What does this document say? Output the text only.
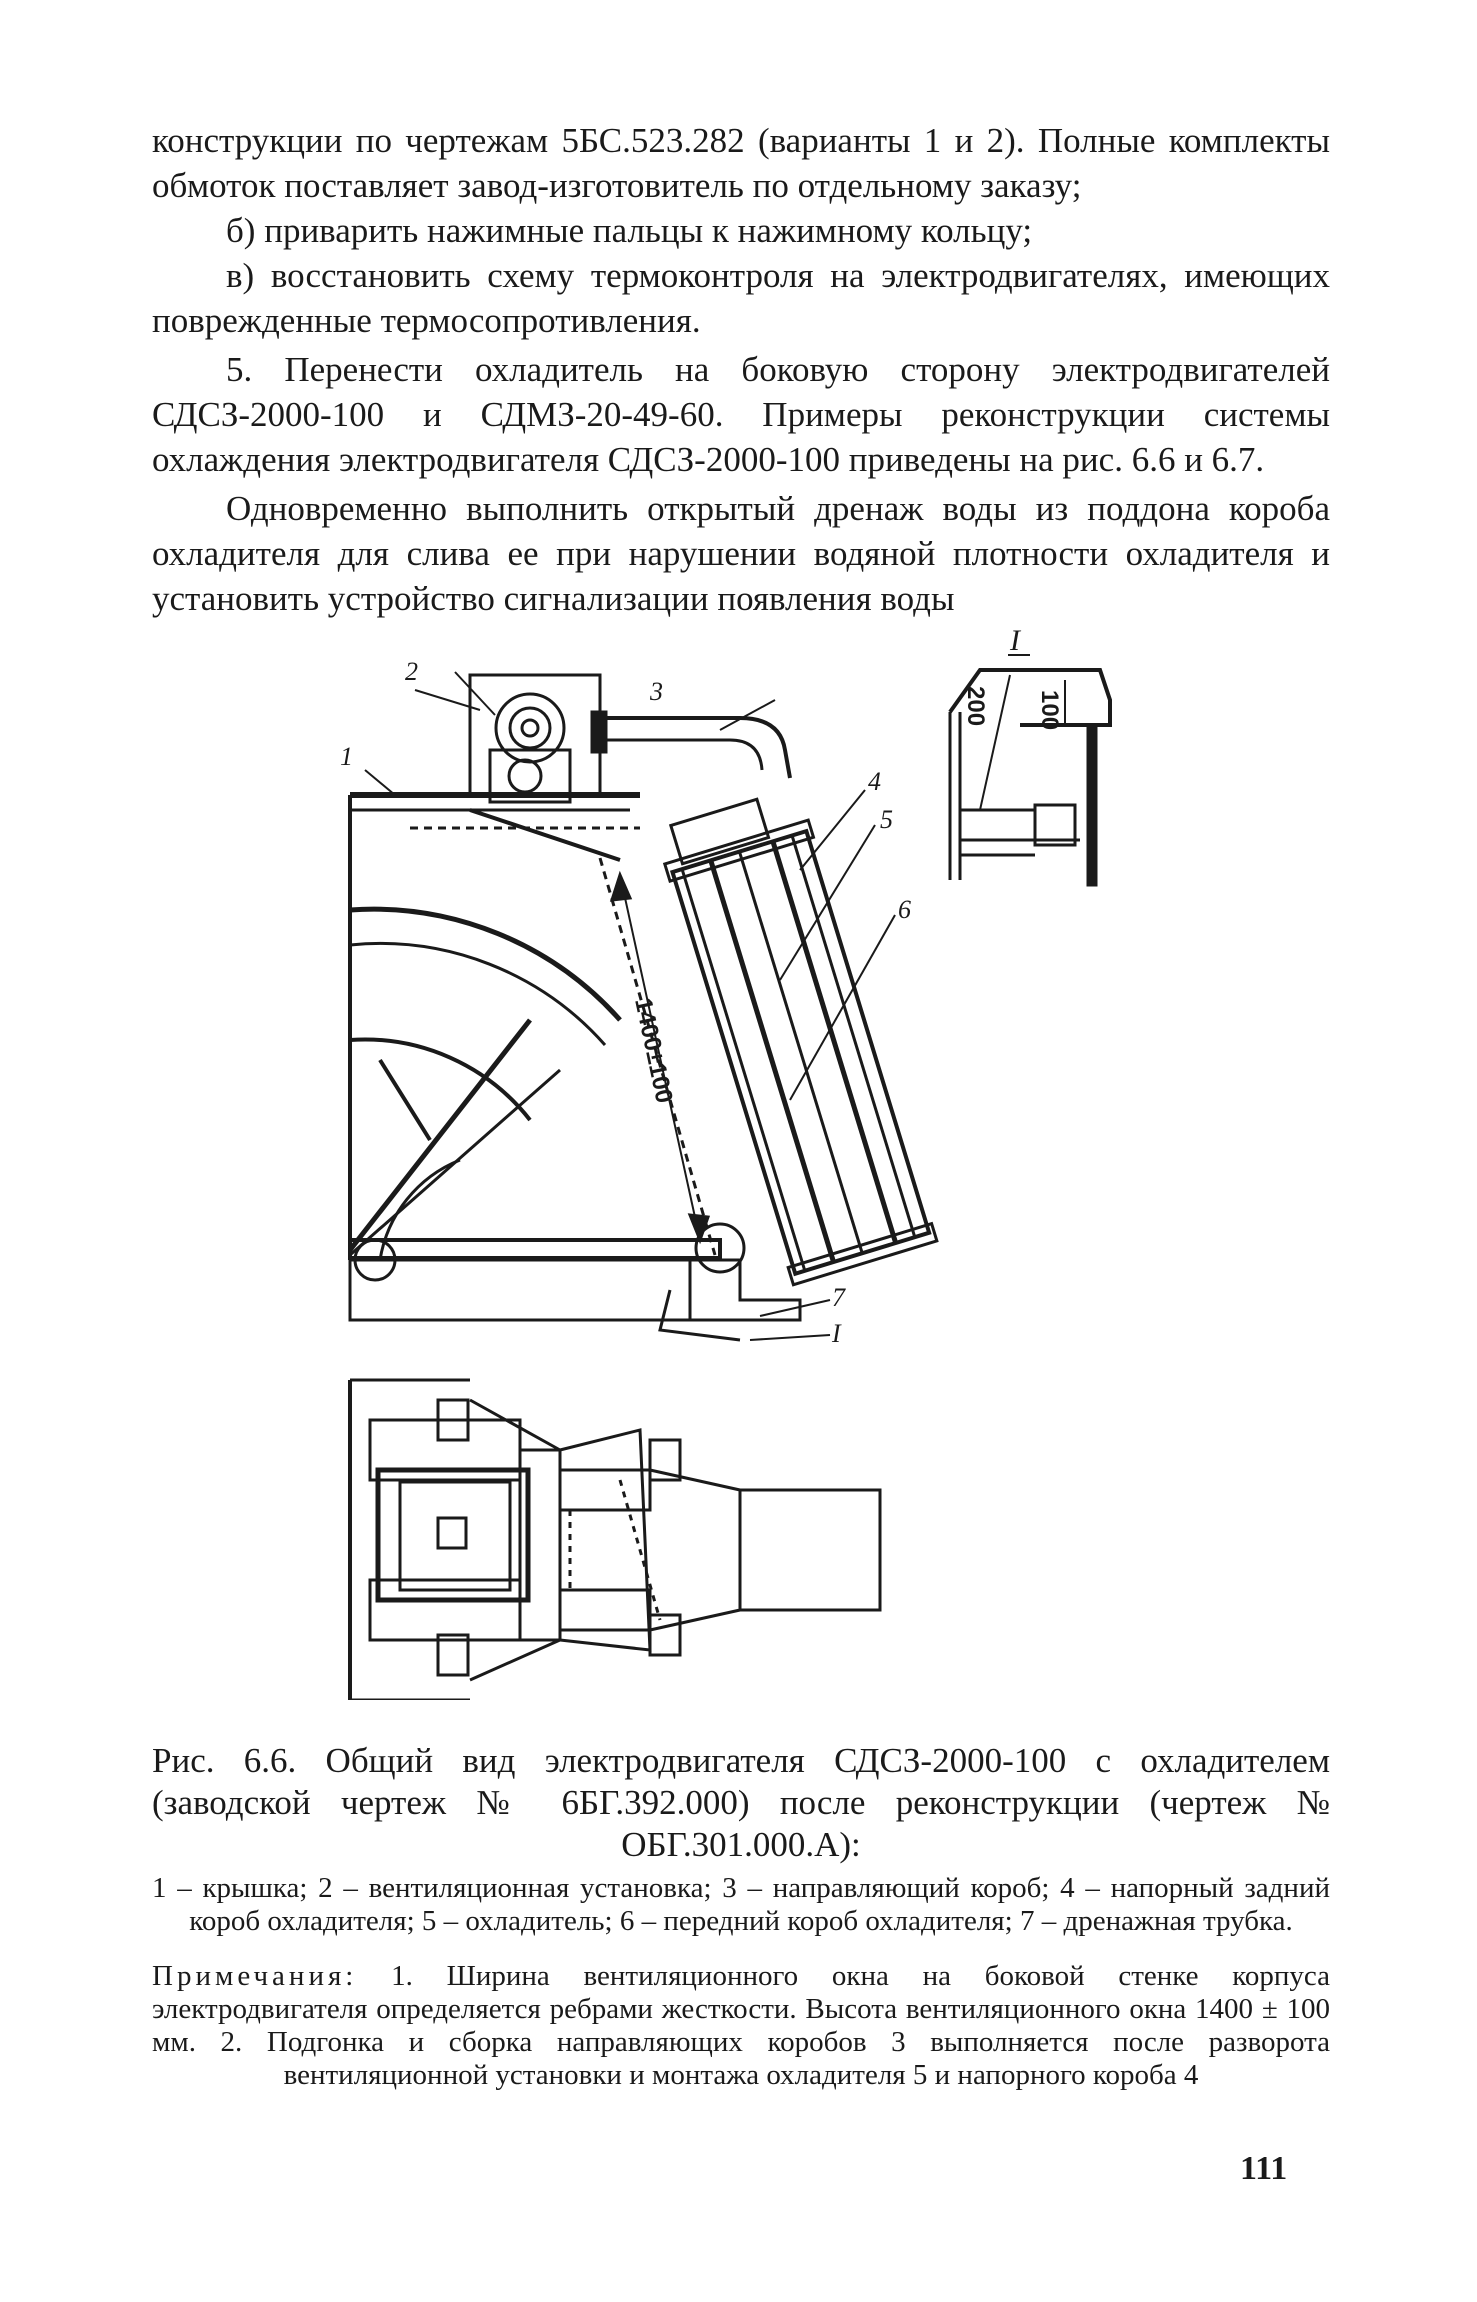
конструкции по чертежам 5БС.523.282 (варианты 1 и 2). Полные комплекты обмоток поставляет завод-изготовитель по отдельному заказу;

б) приварить нажимные пальцы к нажимному кольцу;

в) восстановить схему термоконтроля на электродвигателях, имеющих поврежденные термосопротивления.

5. Перенести охладитель на боковую сторону электродвигателей СДСЗ-2000-100 и СДМЗ-20-49-60. Примеры реконструкции системы охлаждения электродвигателя СДСЗ-2000-100 приведены на рис. 6.6 и 6.7.

Одновременно выполнить открытый дренаж воды из поддона короба охладителя для слива ее при нарушении водяной плотности охладителя и установить устройство сигнализации появления воды

1400±100
1
2
3
4
5
6
7
I
I
200 100

Рис. 6.6. Общий вид электродвигателя СДСЗ-2000-100 с охладителем (заводской чертеж № 6БГ.392.000) после реконструкции (чертеж № ОБГ.301.000.А):

1 – крышка; 2 – вентиляционная установка; 3 – направляющий короб; 4 – напорный задний короб охладителя; 5 – охладитель; 6 – передний короб охладителя; 7 – дренажная трубка.

Примечания: 1. Ширина вентиляционного окна на боковой стенке корпуса электродвигателя определяется ребрами жесткости. Высота вентиляционного окна 1400 ± 100 мм. 2. Подгонка и сборка направляющих коробов 3 выполняется после разворота вентиляционной установки и монтажа охладителя 5 и напорного короба 4
111
